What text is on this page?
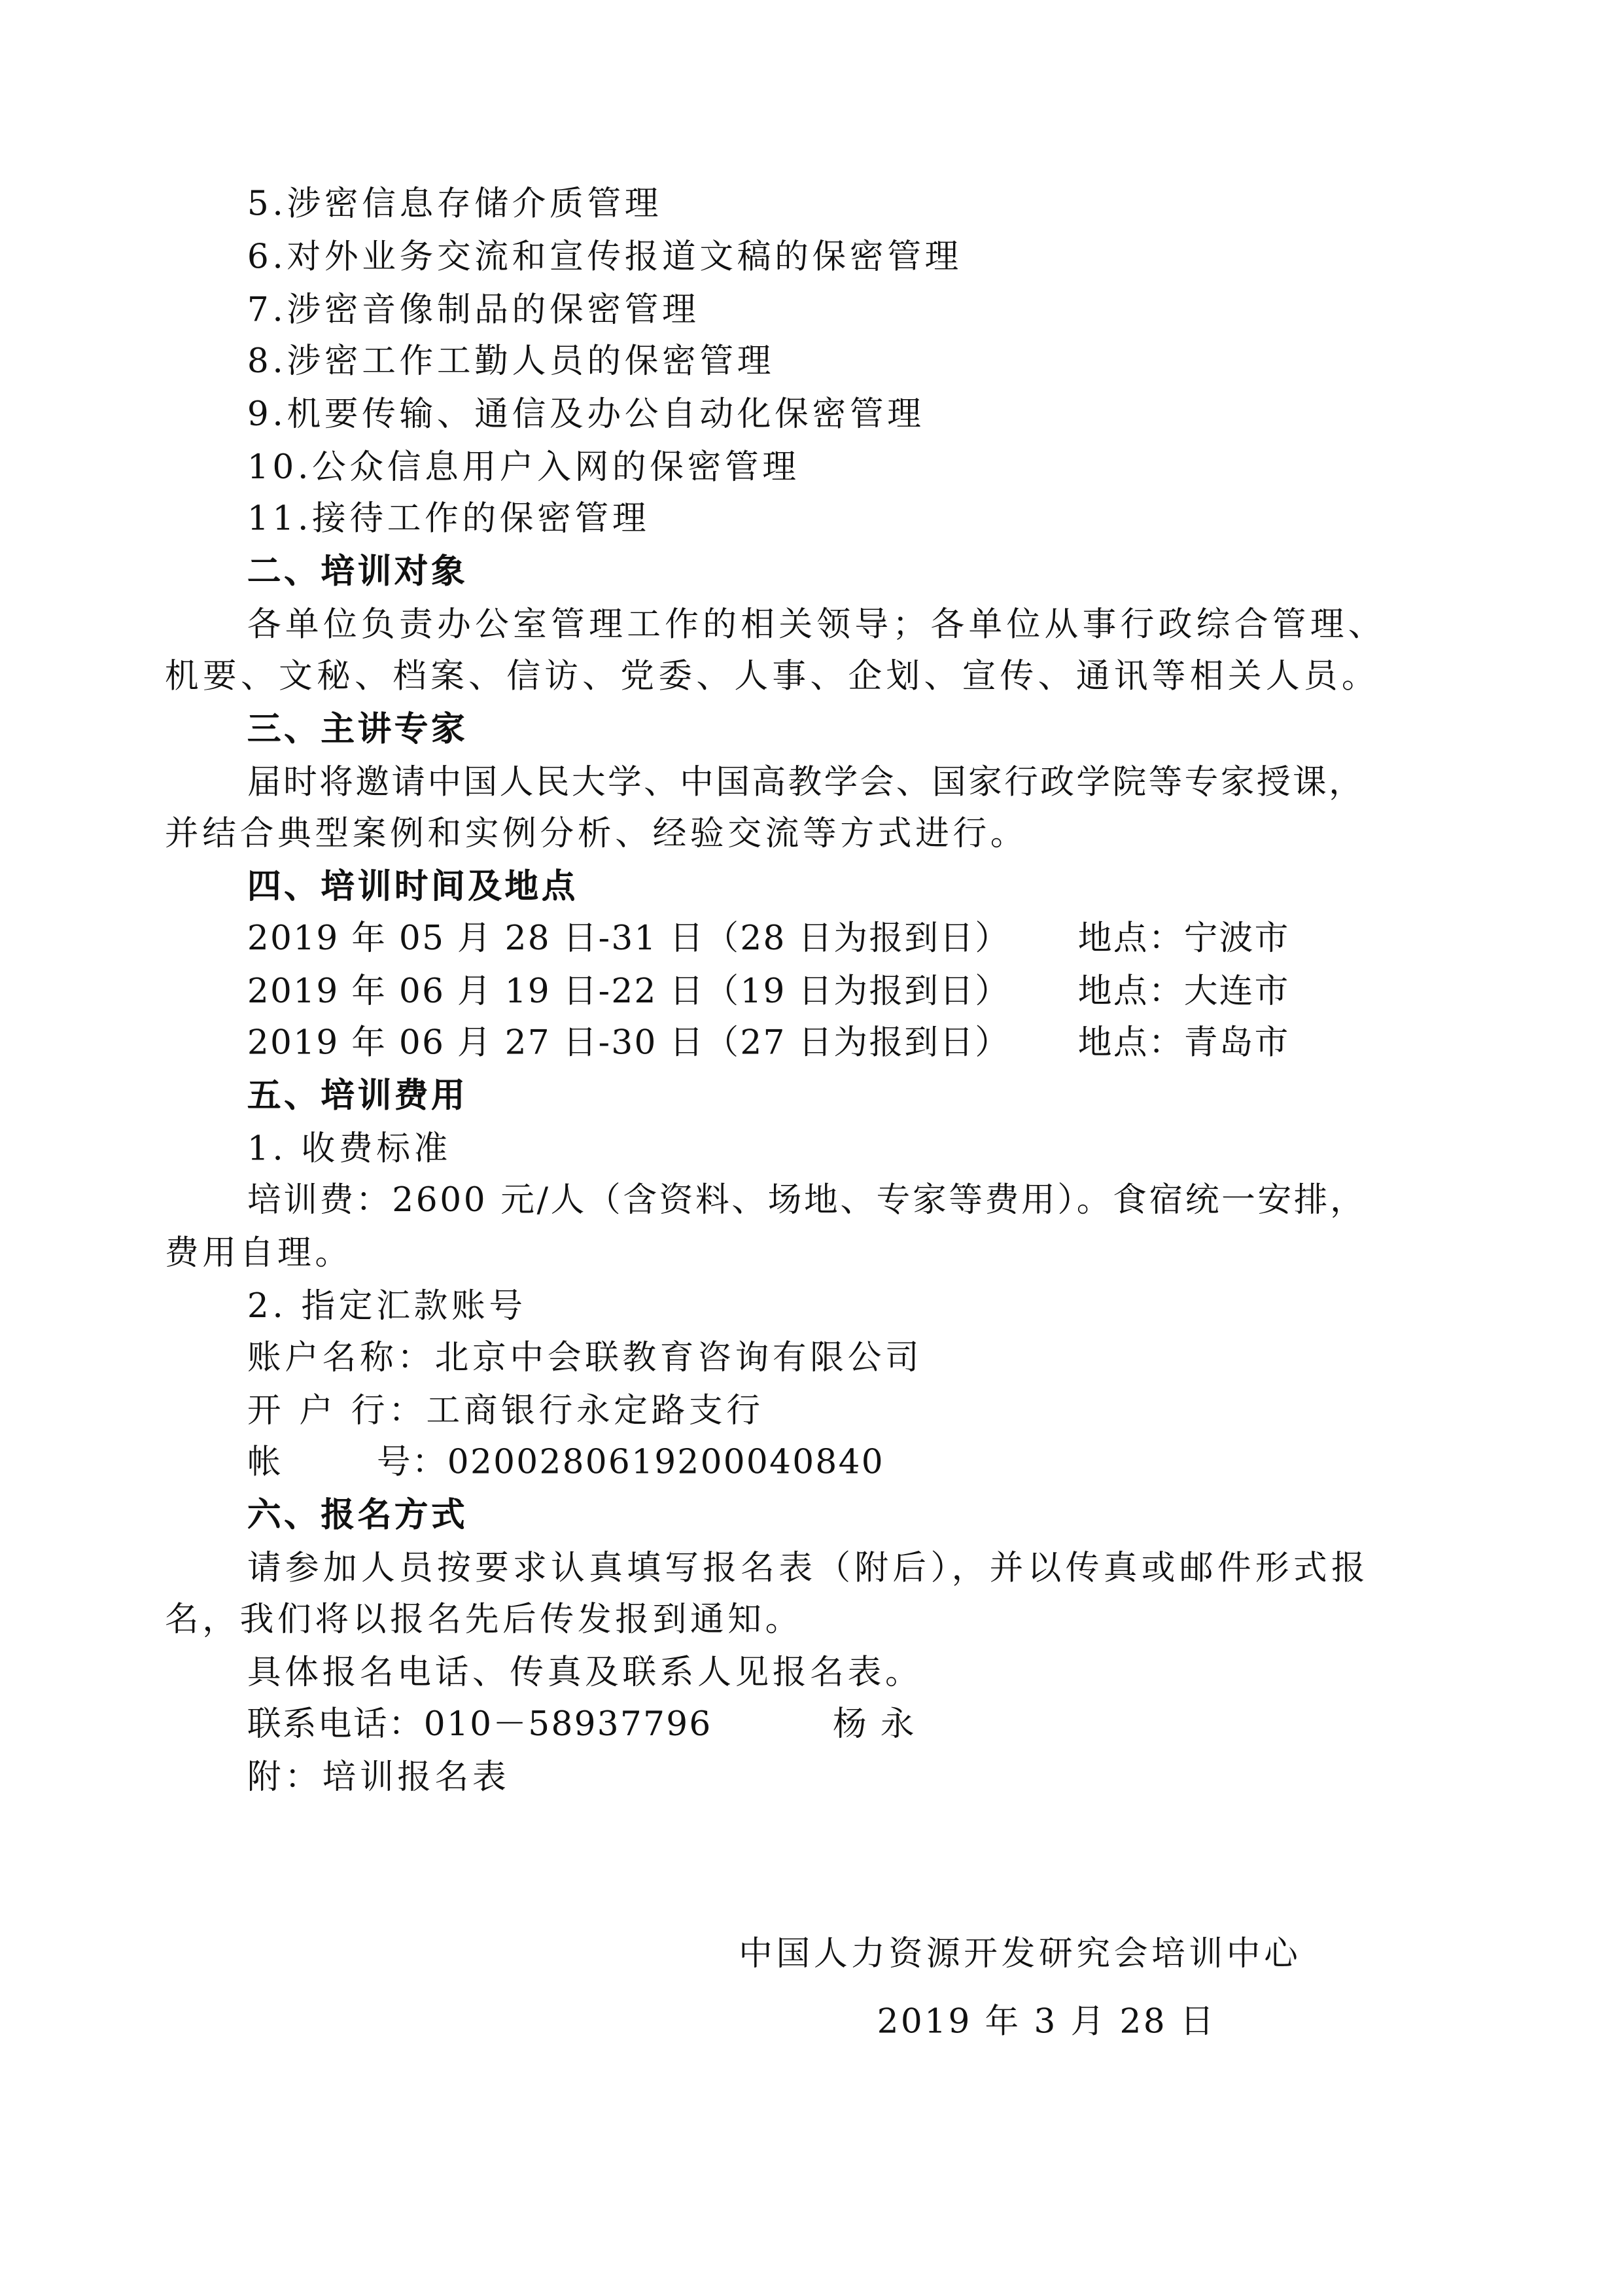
5.涉密信息存储介质管理
6.对外业务交流和宣传报道文稿的保密管理
7.涉密音像制品的保密管理
8.涉密工作工勤人员的保密管理
9.机要传输、通信及办公自动化保密管理
10.公众信息用户入网的保密管理
11.接待工作的保密管理
二、培训对象
各单位负责办公室管理工作的相关领导；各单位从事行政综合管理、
机要、文秘、档案、信访、党委、人事、企划、宣传、通讯等相关人员。
三、主讲专家
届时将邀请中国人民大学、中国高教学会、国家行政学院等专家授课，
并结合典型案例和实例分析、经验交流等方式进行。
四、培训时间及地点
2019 年 05 月 28 日-31 日（28 日为报到日）	地点：宁波市
2019 年 06 月 19 日-22 日（19 日为报到日）	地点：大连市
2019 年 06 月 27 日-30 日（27 日为报到日）	地点：青岛市
五、培训费用
1. 收费标准
培训费：2600 元/人（含资料、场地、专家等费用）。食宿统一安排，
费用自理。
2. 指定汇款账号
账户名称：北京中会联教育咨询有限公司
开 户 行：工商银行永定路支行
帐	号：0200280619200040840
六、报名方式
请参加人员按要求认真填写报名表（附后），并以传真或邮件形式报
名，我们将以报名先后传发报到通知。
具体报名电话、传真及联系人见报名表。
联系电话：010－58937796	杨 永
附：培训报名表
中国人力资源开发研究会培训中心
2019 年 3 月 28 日
